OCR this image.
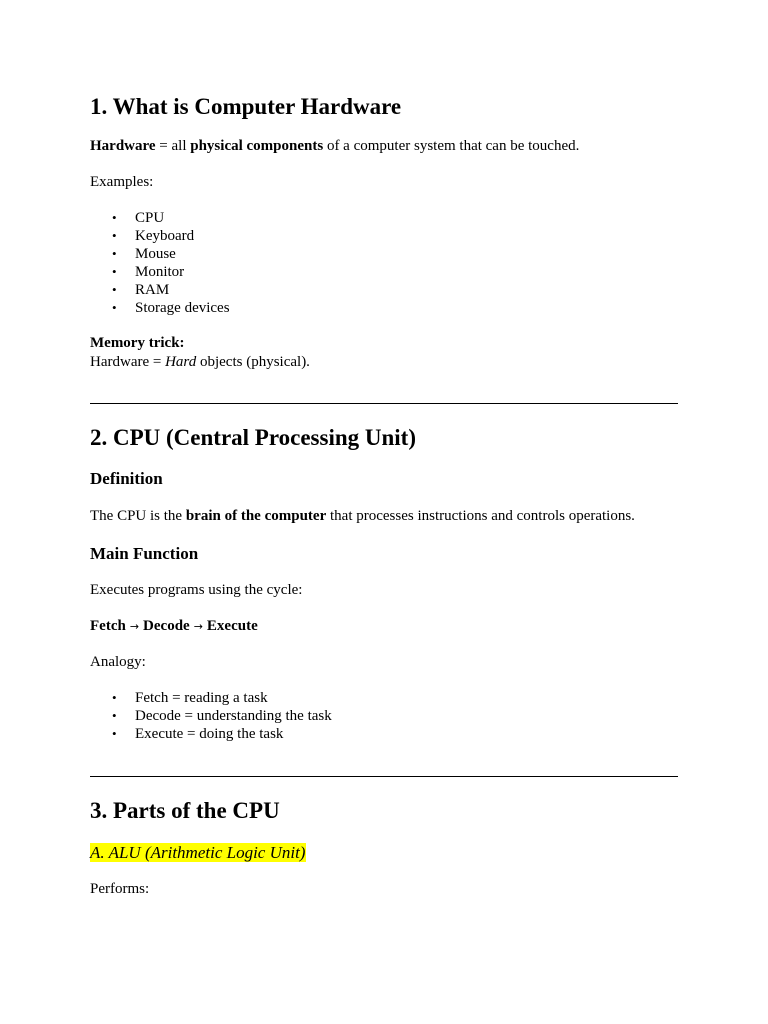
1. What is Computer Hardware

Hardware = all physical components of a computer system that can be touched.

Examples:

• CPU
• Keyboard
• Mouse
• Monitor
• RAM
• Storage devices

Memory trick:

Hardware = Hard objects (physical).

2. CPU (Central Processing Unit)
Definition

The CPU is the brain of the computer that processes instructions and controls operations.

Main Function

Executes programs using the cycle:

Fetch → Decode → Execute

Analogy:

• Fetch = reading a task
• Decode = understanding the task
• Execute = doing the task
3. Parts of the CPU

A. ALU (Arithmetic Logic Unit)

Performs:
